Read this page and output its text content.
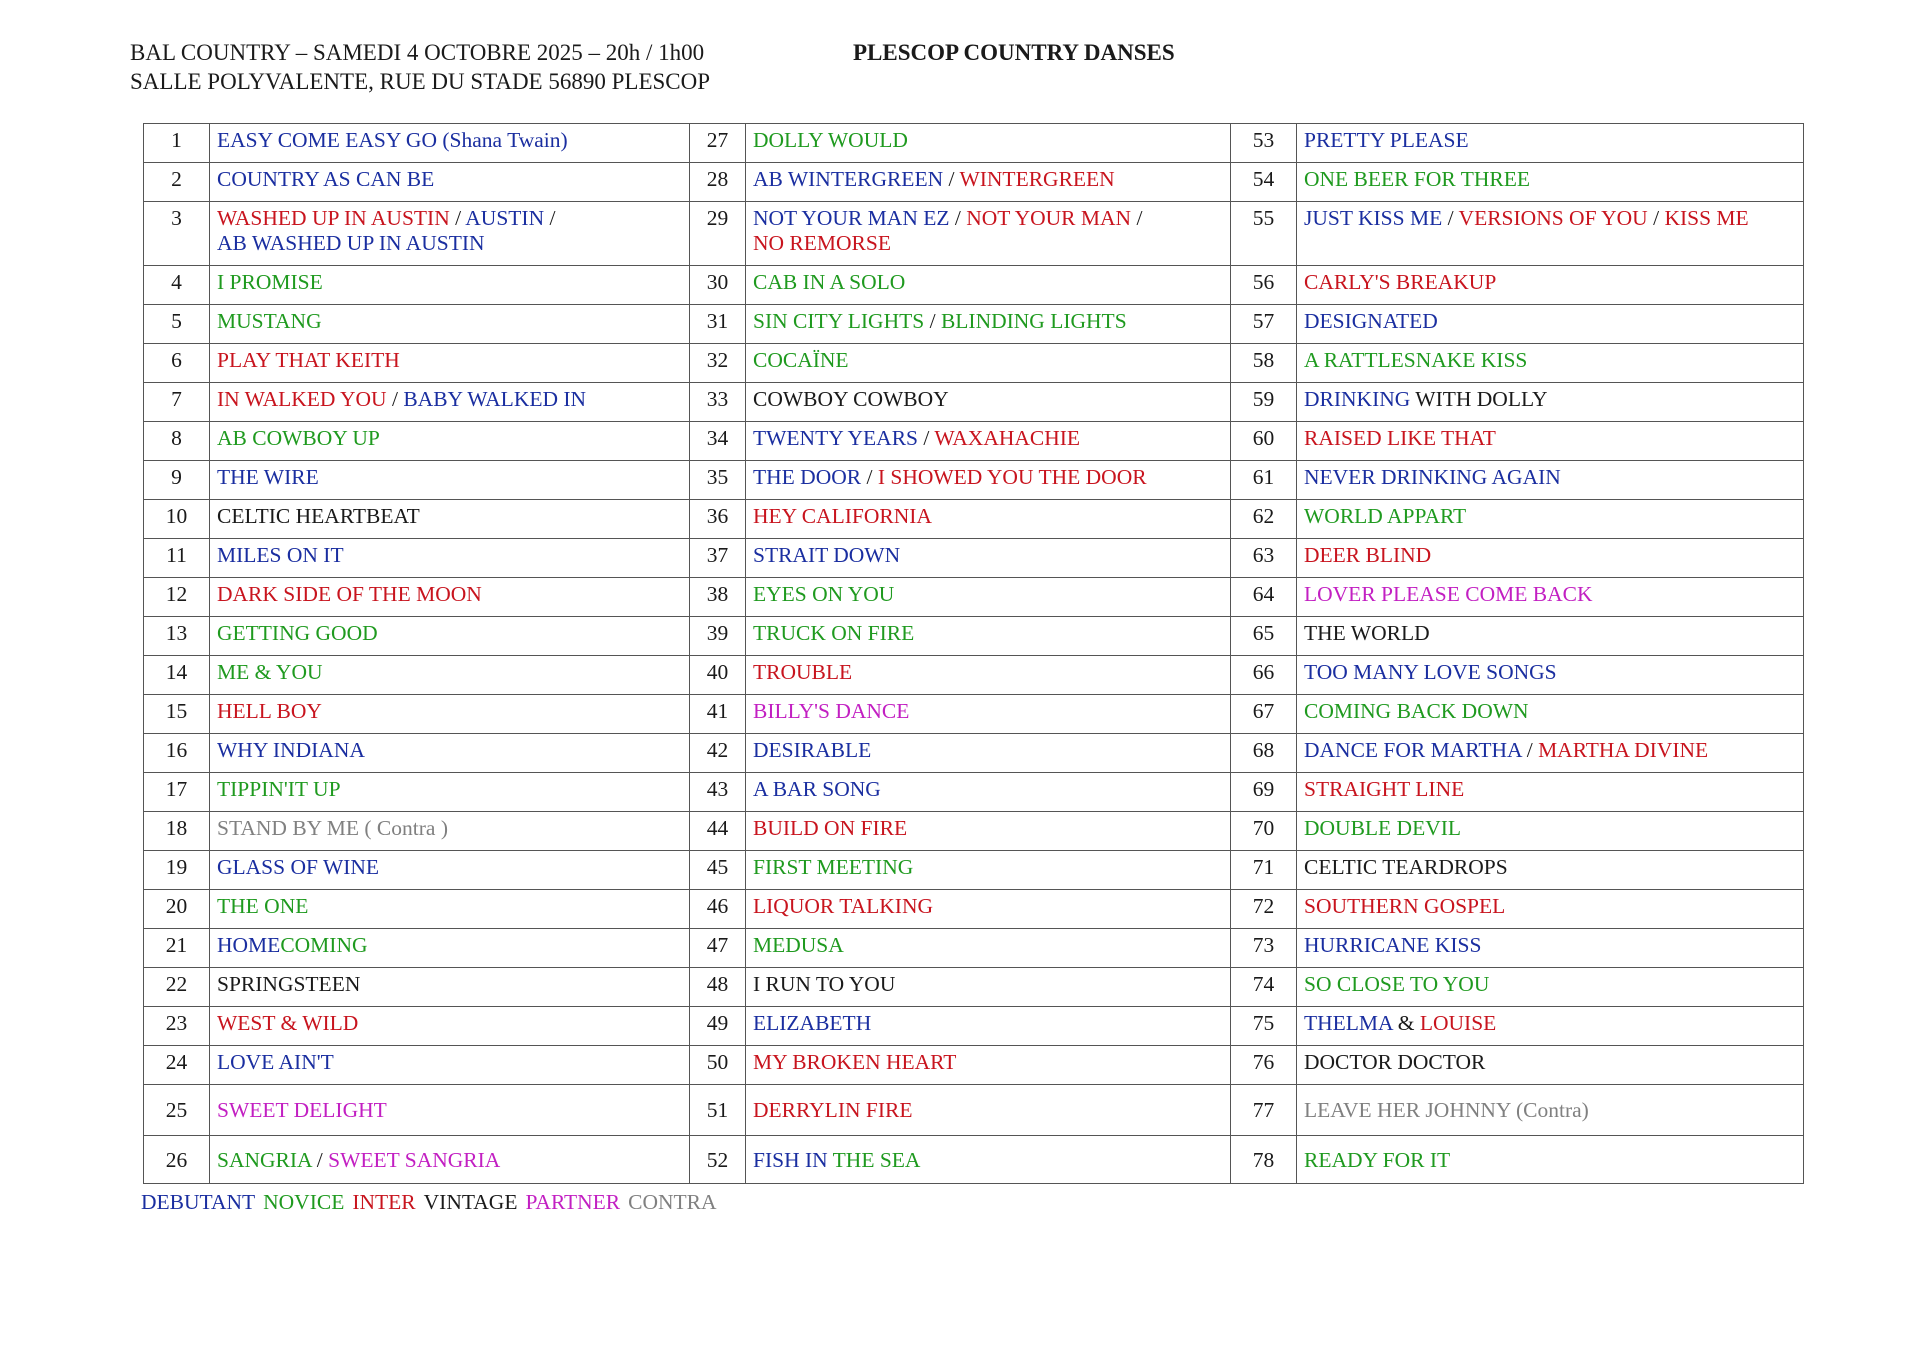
BAL COUNTRY – SAMEDI 4 OCTOBRE 2025 – 20h / 1h00
SALLE POLYVALENTE, RUE DU STADE 56890 PLESCOP
PLESCOP COUNTRY DANSES
1	EASY COME EASY GO (Shana Twain)	27	DOLLY WOULD	53	PRETTY PLEASE
2	COUNTRY AS CAN BE	28	AB WINTERGREEN / WINTERGREEN	54	ONE BEER FOR THREE
3	WASHED UP IN AUSTIN / AUSTIN /
AB WASHED UP IN AUSTIN	29	NOT YOUR MAN EZ / NOT YOUR MAN /
NO REMORSE	55	JUST KISS ME / VERSIONS OF YOU / KISS ME
4	I PROMISE	30	CAB IN A SOLO	56	CARLY'S BREAKUP
5	MUSTANG	31	SIN CITY LIGHTS / BLINDING LIGHTS	57	DESIGNATED
6	PLAY THAT KEITH	32	COCAÏNE	58	A RATTLESNAKE KISS
7	IN WALKED YOU / BABY WALKED IN	33	COWBOY COWBOY	59	DRINKING WITH DOLLY
8	AB COWBOY UP	34	TWENTY YEARS / WAXAHACHIE	60	RAISED LIKE THAT
9	THE WIRE	35	THE DOOR / I SHOWED YOU THE DOOR	61	NEVER DRINKING AGAIN
10	CELTIC HEARTBEAT	36	HEY CALIFORNIA	62	WORLD APPART
11	MILES ON IT	37	STRAIT DOWN	63	DEER BLIND
12	DARK SIDE OF THE MOON	38	EYES ON YOU	64	LOVER PLEASE COME BACK
13	GETTING GOOD	39	TRUCK ON FIRE	65	THE WORLD
14	ME & YOU	40	TROUBLE	66	TOO MANY LOVE SONGS
15	HELL BOY	41	BILLY'S DANCE	67	COMING BACK DOWN
16	WHY INDIANA	42	DESIRABLE	68	DANCE FOR MARTHA / MARTHA DIVINE
17	TIPPIN'IT UP	43	A BAR SONG	69	STRAIGHT LINE
18	STAND BY ME ( Contra )	44	BUILD ON FIRE	70	DOUBLE DEVIL
19	GLASS OF WINE	45	FIRST MEETING	71	CELTIC TEARDROPS
20	THE ONE	46	LIQUOR TALKING	72	SOUTHERN GOSPEL
21	HOMECOMING	47	MEDUSA	73	HURRICANE KISS
22	SPRINGSTEEN	48	I RUN TO YOU	74	SO CLOSE TO YOU
23	WEST & WILD	49	ELIZABETH	75	THELMA & LOUISE
24	LOVE AIN'T	50	MY BROKEN HEART	76	DOCTOR DOCTOR
25	SWEET DELIGHT	51	DERRYLIN FIRE	77	LEAVE HER JOHNNY (Contra)
26	SANGRIA / SWEET SANGRIA	52	FISH IN THE SEA	78	READY FOR IT
DEBUTANT NOVICE INTER VINTAGE PARTNER CONTRA
